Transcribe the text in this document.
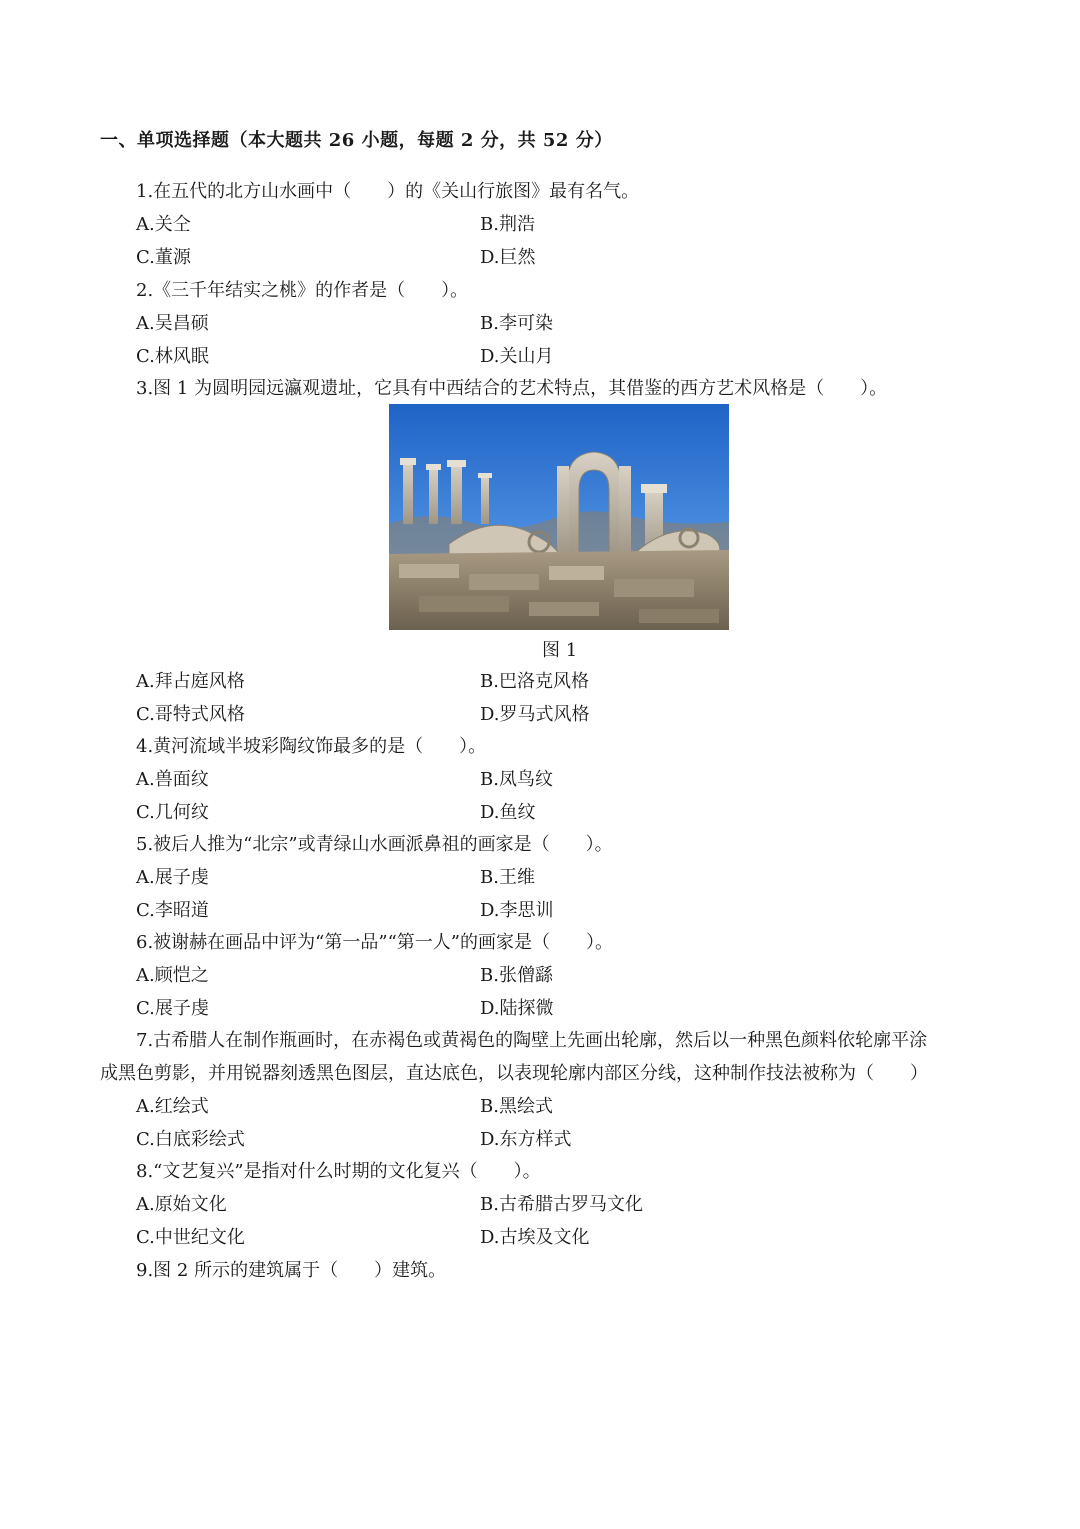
一、单项选择题（本大题共 26 小题，每题 2 分，共 52 分）
1.在五代的北方山水画中（　　）的《关山行旅图》最有名气。
A.关仝	B.荆浩
C.董源	D.巨然
2.《三千年结实之桃》的作者是（　　）。
A.吴昌硕	B.李可染
C.林风眠	D.关山月
3.图 1 为圆明园远瀛观遗址，它具有中西结合的艺术特点，其借鉴的西方艺术风格是（　　）。
图 1
A.拜占庭风格	B.巴洛克风格
C.哥特式风格	D.罗马式风格
4.黄河流域半坡彩陶纹饰最多的是（　　）。
A.兽面纹	B.凤鸟纹
C.几何纹	D.鱼纹
5.被后人推为“北宗”或青绿山水画派鼻祖的画家是（　　）。
A.展子虔	B.王维
C.李昭道	D.李思训
6.被谢赫在画品中评为“第一品”“第一人”的画家是（　　）。
A.顾恺之	B.张僧繇
C.展子虔	D.陆探微
7.古希腊人在制作瓶画时，在赤褐色或黄褐色的陶壁上先画出轮廓，然后以一种黑色颜料依轮廓平涂
成黑色剪影，并用锐器刻透黑色图层，直达底色，以表现轮廓内部区分线，这种制作技法被称为（　　）
A.红绘式	B.黑绘式
C.白底彩绘式	D.东方样式
8.“文艺复兴”是指对什么时期的文化复兴（　　）。
A.原始文化	B.古希腊古罗马文化
C.中世纪文化	D.古埃及文化
9.图 2 所示的建筑属于（　　）建筑。
